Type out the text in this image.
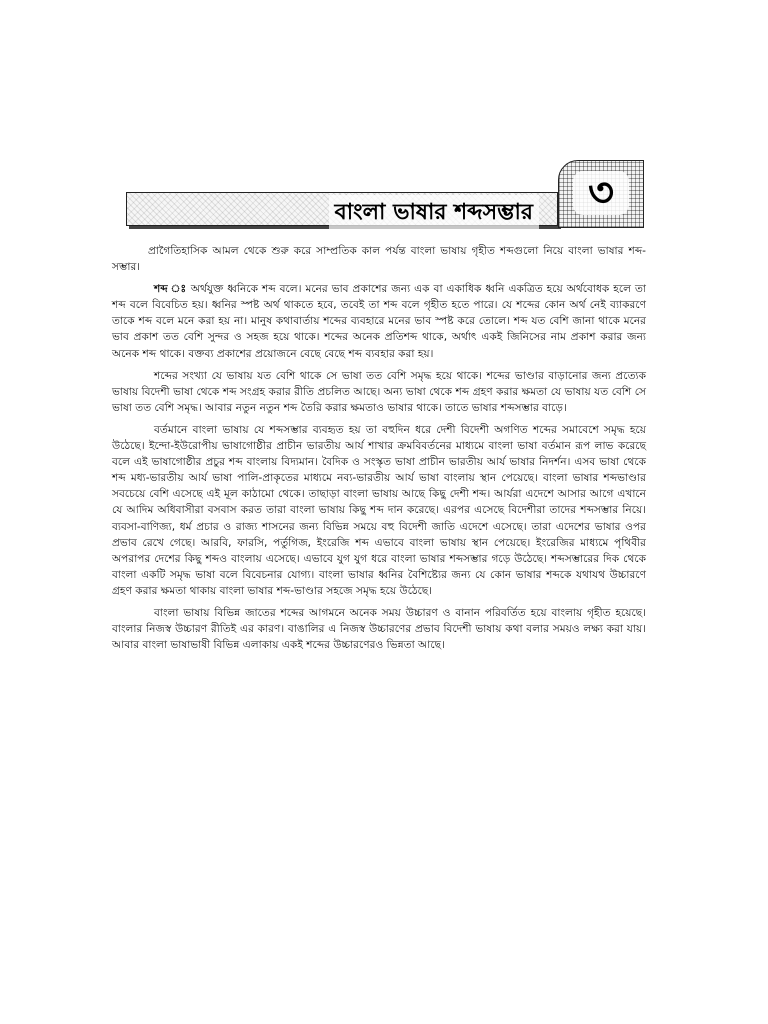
বাংলা ভাষার শব্দসম্ভার	৩

প্রাগৈতিহাসিক আমল থেকে শুরু করে সাম্প্রতিক কাল পর্যন্ত বাংলা ভাষায় গৃহীত শব্দগুলো নিয়ে বাংলা ভাষার শব্দ-সম্ভার।

শব্দ ঃ অর্থযুক্ত ধ্বনিকে শব্দ বলে। মনের ভাব প্রকাশের জন্য এক বা একাধিক ধ্বনি একত্রিত হয়ে অর্থবোধক হলে তা শব্দ বলে বিবেচিত হয়। ধ্বনির স্পষ্ট অর্থ থাকতে হবে, তবেই তা শব্দ বলে গৃহীত হতে পারে। যে শব্দের কোন অর্থ নেই ব্যাকরণে তাকে শব্দ বলে মনে করা হয় না। মানুষ কথাবার্তায় শব্দের ব্যবহারে মনের ভাব স্পষ্ট করে তোলে। শব্দ যত বেশি জানা থাকে মনের ভাব প্রকাশ তত বেশি সুন্দর ও সহজ হয়ে থাকে। শব্দের অনেক প্রতিশব্দ থাকে, অর্থাৎ একই জিনিসের নাম প্রকাশ করার জন্য অনেক শব্দ থাকে। বক্তব্য প্রকাশের প্রয়োজনে বেছে বেছে শব্দ ব্যবহার করা হয়।

শব্দের সংখ্যা যে ভাষায় যত বেশি থাকে সে ভাষা তত বেশি সমৃদ্ধ হয়ে থাকে। শব্দের ভাণ্ডার বাড়ানোর জন্য প্রত্যেক ভাষায় বিদেশী ভাষা থেকে শব্দ সংগ্রহ করার রীতি প্রচলিত আছে। অন্য ভাষা থেকে শব্দ গ্রহণ করার ক্ষমতা যে ভাষায় যত বেশি সে ভাষা তত বেশি সমৃদ্ধ। আবার নতুন নতুন শব্দ তৈরি করার ক্ষমতাও ভাষার থাকে। তাতে ভাষার শব্দসম্ভার বাড়ে।

বর্তমানে বাংলা ভাষায় যে শব্দসম্ভার ব্যবহৃত হয় তা বহুদিন ধরে দেশী বিদেশী অগণিত শব্দের সমাবেশে সমৃদ্ধ হয়ে উঠেছে। ইন্দো-ইউরোপীয় ভাষাগোষ্ঠীর প্রাচীন ভারতীয় আর্য শাখার ক্রমবিবর্তনের মাধ্যমে বাংলা ভাষা বর্তমান রূপ লাভ করেছে বলে এই ভাষাগোষ্ঠীর প্রচুর শব্দ বাংলায় বিদ্যমান। বৈদিক ও সংস্কৃত ভাষা প্রাচীন ভারতীয় আর্য ভাষার নিদর্শন। এসব ভাষা থেকে শব্দ মধ্য-ভারতীয় আর্য ভাষা পালি-প্রাকৃতের মাধ্যমে নব্য-ভারতীয় আর্য ভাষা বাংলায় স্থান পেয়েছে। বাংলা ভাষার শব্দভাণ্ডার সবচেয়ে বেশি এসেছে এই মূল কাঠামো থেকে। তাছাড়া বাংলা ভাষায় আছে কিছু দেশী শব্দ। আর্যরা এদেশে আসার আগে এখানে যে আদিম অধিবাসীরা বসবাস করত তারা বাংলা ভাষায় কিছু শব্দ দান করেছে। এরপর এসেছে বিদেশীরা তাদের শব্দসম্ভার নিয়ে। ব্যবসা-বাণিজ্য, ধর্ম প্রচার ও রাজ্য শাসনের জন্য বিভিন্ন সময়ে বহু বিদেশী জাতি এদেশে এসেছে। তারা এদেশের ভাষার ওপর প্রভাব রেখে গেছে। আরবি, ফারসি, পর্তুগিজ, ইংরেজি শব্দ এভাবে বাংলা ভাষায় স্থান পেয়েছে। ইংরেজির মাধ্যমে পৃথিবীর অপরাপর দেশের কিছু শব্দও বাংলায় এসেছে। এভাবে যুগ যুগ ধরে বাংলা ভাষার শব্দসম্ভার গড়ে উঠেছে। শব্দসম্ভারের দিক থেকে বাংলা একটি সমৃদ্ধ ভাষা বলে বিবেচনার যোগ্য। বাংলা ভাষার ধ্বনির বৈশিষ্ট্যের জন্য যে কোন ভাষার শব্দকে যথাযথ উচ্চারণে গ্রহণ করার ক্ষমতা থাকায় বাংলা ভাষার শব্দ-ভাণ্ডার সহজে সমৃদ্ধ হয়ে উঠেছে।

বাংলা ভাষায় বিভিন্ন জাতের শব্দের আগমনে অনেক সময় উচ্চারণ ও বানান পরিবর্তিত হয়ে বাংলায় গৃহীত হয়েছে। বাংলার নিজস্ব উচ্চারণ রীতিই এর কারণ। বাঙালির এ নিজস্ব উচ্চারণের প্রভাব বিদেশী ভাষায় কথা বলার সময়ও লক্ষ্য করা যায়। আবার বাংলা ভাষাভাষী বিভিন্ন এলাকায় একই শব্দের উচ্চারণেরও ভিন্নতা আছে।
